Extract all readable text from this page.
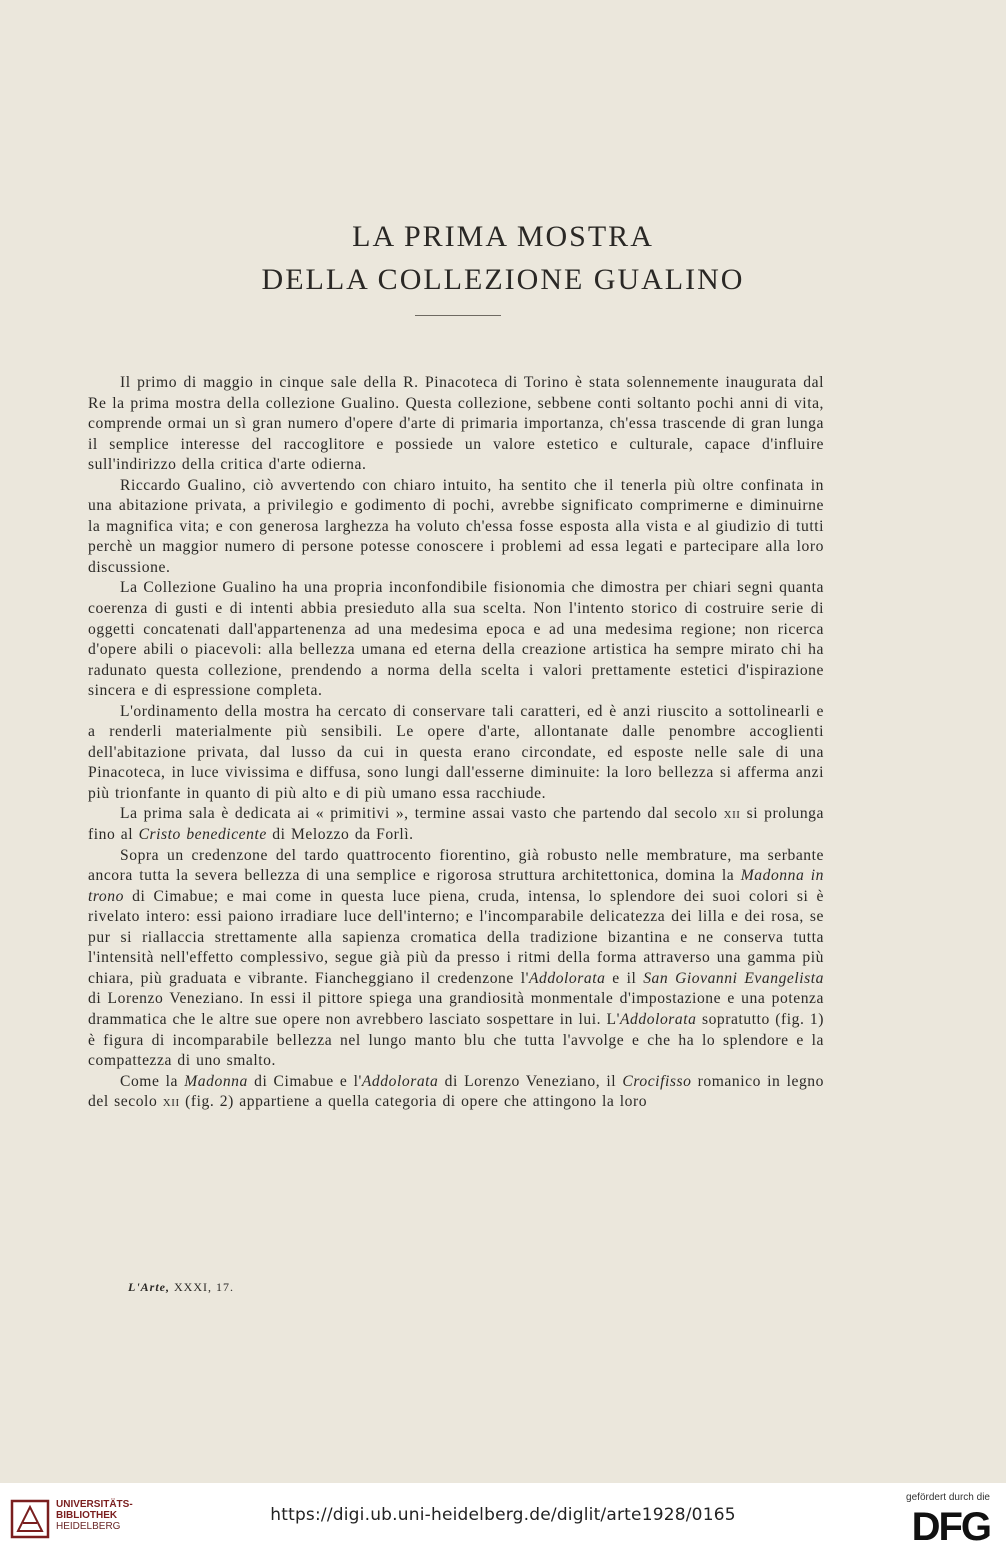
LA PRIMA MOSTRA
DELLA COLLEZIONE GUALINO

Il primo di maggio in cinque sale della R. Pinacoteca di Torino è stata solennemente inaugurata dal Re la prima mostra della collezione Gualino. Questa collezione, sebbene conti soltanto pochi anni di vita, comprende ormai un sì gran numero d'opere d'arte di primaria importanza, ch'essa trascende di gran lunga il semplice interesse del raccoglitore e possiede un valore estetico e culturale, capace d'influire sull'indirizzo della critica d'arte odierna.

Riccardo Gualino, ciò avvertendo con chiaro intuito, ha sentito che il tenerla più oltre confinata in una abitazione privata, a privilegio e godimento di pochi, avrebbe significato comprimerne e diminuirne la magnifica vita; e con generosa larghezza ha voluto ch'essa fosse esposta alla vista e al giudizio di tutti perchè un maggior numero di persone potesse conoscere i problemi ad essa legati e partecipare alla loro discussione.

La Collezione Gualino ha una propria inconfondibile fisionomia che dimostra per chiari segni quanta coerenza di gusti e di intenti abbia presieduto alla sua scelta. Non l'intento storico di costruire serie di oggetti concatenati dall'appartenenza ad una medesima epoca e ad una medesima regione; non ricerca d'opere abili o piacevoli: alla bellezza umana ed eterna della creazione artistica ha sempre mirato chi ha radunato questa collezione, prendendo a norma della scelta i valori prettamente estetici d'ispirazione sincera e di espressione completa.

L'ordinamento della mostra ha cercato di conservare tali caratteri, ed è anzi riuscito a sottolinearli e a renderli materialmente più sensibili. Le opere d'arte, allontanate dalle penombre accoglienti dell'abitazione privata, dal lusso da cui in questa erano circondate, ed esposte nelle sale di una Pinacoteca, in luce vivissima e diffusa, sono lungi dall'esserne diminuite: la loro bellezza si afferma anzi più trionfante in quanto di più alto e di più umano essa racchiude.

La prima sala è dedicata ai « primitivi », termine assai vasto che partendo dal secolo xii si prolunga fino al Cristo benedicente di Melozzo da Forlì.

Sopra un credenzone del tardo quattrocento fiorentino, già robusto nelle membrature, ma serbante ancora tutta la severa bellezza di una semplice e rigorosa struttura architettonica, domina la Madonna in trono di Cimabue; e mai come in questa luce piena, cruda, intensa, lo splendore dei suoi colori si è rivelato intero: essi paiono irradiare luce dell'interno; e l'incomparabile delicatezza dei lilla e dei rosa, se pur si riallaccia strettamente alla sapienza cromatica della tradizione bizantina e ne conserva tutta l'intensità nell'effetto complessivo, segue già più da presso i ritmi della forma attraverso una gamma più chiara, più graduata e vibrante. Fiancheggiano il credenzone l'Addolorata e il San Giovanni Evangelista di Lorenzo Veneziano. In essi il pittore spiega una grandiosità monmentale d'impostazione e una potenza drammatica che le altre sue opere non avrebbero lasciato sospettare in lui. L'Addolorata sopratutto (fig. 1) è figura di incomparabile bellezza nel lungo manto blu che tutta l'avvolge e che ha lo splendore e la compattezza di uno smalto.

Come la Madonna di Cimabue e l'Addolorata di Lorenzo Veneziano, il Crocifisso romanico in legno del secolo xii (fig. 2) appartiene a quella categoria di opere che attingono la loro

L'Arte, XXXI, 17.
UNIVERSITÄTS-
BIBLIOTHEK
HEIDELBERG
https://digi.ub.uni-heidelberg.de/diglit/arte1928/0165
gefördert durch die
DFG
